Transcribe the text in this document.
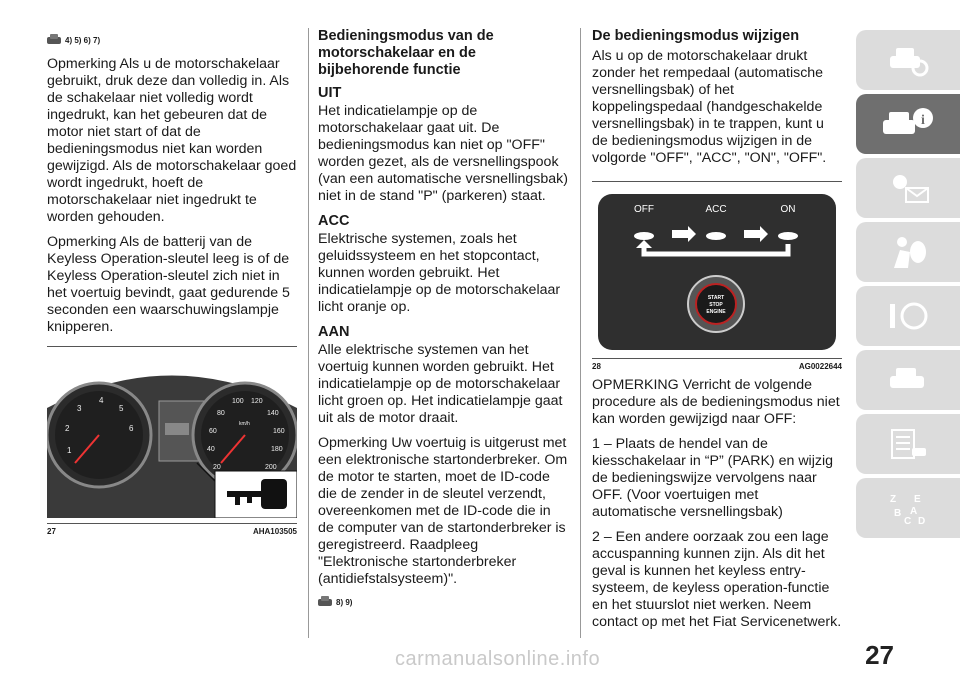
4) 5) 6) 7)

Opmerking Als u de motorschakelaar gebruikt, druk deze dan volledig in. Als de schakelaar niet volledig wordt ingedrukt, kan het gebeuren dat de motor niet start of dat de bedieningsmodus niet kan worden gewijzigd. Als de motorschakelaar goed wordt ingedrukt, hoeft de motorschakelaar niet ingedrukt te worden gehouden.

Opmerking Als de batterij van de Keyless Operation-sleutel leeg is of de Keyless Operation-sleutel zich niet in het voertuig bevindt, gaat gedurende 5 seconden een waarschuwingslampje knipperen.

1
2
3
4
5
6
20
40
60
80
100 120
140
160
180
200
km/h
27	AHA103505
Bedieningsmodus van de motorschakelaar en de bijbehorende functie
UIT

Het indicatielampje op de motorschakelaar gaat uit. De bedieningsmodus kan niet op "OFF" worden gezet, als de versnellingspook (van een automatische versnellingsbak) niet in de stand "P" (parkeren) staat.

ACC

Elektrische systemen, zoals het geluidssysteem en het stopcontact, kunnen worden gebruikt. Het indicatielampje op de motorschakelaar licht oranje op.

AAN

Alle elektrische systemen van het voertuig kunnen worden gebruikt. Het indicatielampje op de motorschakelaar licht groen op. Het indicatielampje gaat uit als de motor draait.

Opmerking Uw voertuig is uitgerust met een elektronische startonderbreker. Om de motor te starten, moet de ID-code die de zender in de sleutel verzendt, overeenkomen met de ID-code die in de computer van de startonderbreker is geregistreerd. Raadpleeg "Elektronische startonderbreker (antidiefstalsysteem)".

8) 9)
De bedieningsmodus wijzigen

Als u op de motorschakelaar drukt zonder het rempedaal (automatische versnellingsbak) of het koppelingspedaal (handgeschakelde versnellingsbak) in te trappen, kunt u de bedieningsmodus wijzigen in de volgorde "OFF", "ACC", "ON", "OFF".

OFF	ACC	ON
START
STOP
ENGINE
28	AG0022644

OPMERKING Verricht de volgende procedure als de bedieningsmodus niet kan worden gewijzigd naar OFF:

1 – Plaats de hendel van de kiesschakelaar in “P” (PARK) en wijzig de bedieningswijze vervolgens naar OFF. (Voor voertuigen met automatische versnellingsbak)

2 – Een andere oorzaak zou een lage accuspanning kunnen zijn. Als dit het geval is kunnen het keyless entry-systeem, de keyless operation-functie en het stuurslot niet werken. Neem contact op met het Fiat Servicenetwerk.

i
Z E
B A
C D
27
carmanualsonline.info
